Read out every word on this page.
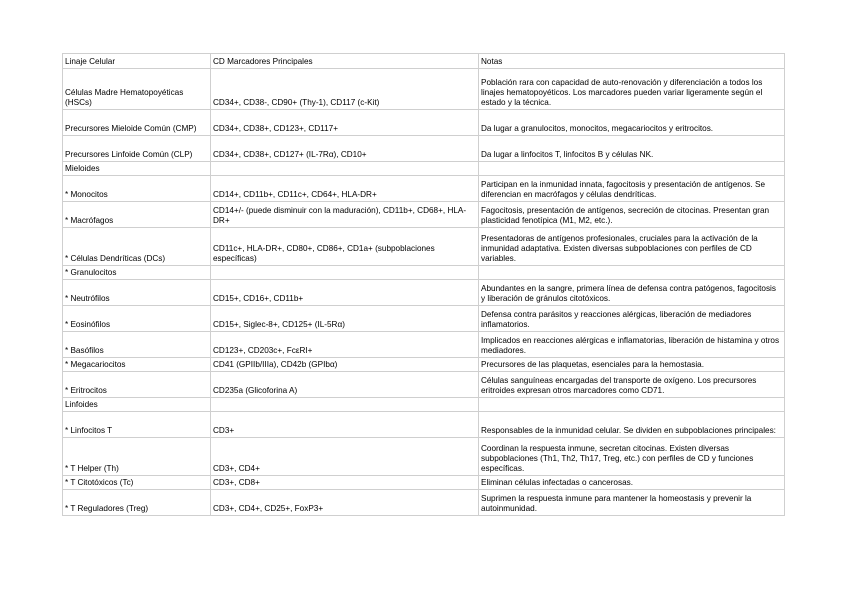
Linaje Celular	CD Marcadores Principales	Notas
Células Madre Hematopoyéticas (HSCs)	CD34+, CD38-, CD90+ (Thy-1), CD117 (c-Kit)	Población rara con capacidad de auto-renovación y diferenciación a todos los linajes hematopoyéticos. Los marcadores pueden variar ligeramente según el estado y la técnica.
Precursores Mieloide Común (CMP)	CD34+, CD38+, CD123+, CD117+	Da lugar a granulocitos, monocitos, megacariocitos y eritrocitos.
Precursores Linfoide Común (CLP)	CD34+, CD38+, CD127+ (IL-7Rα), CD10+	Da lugar a linfocitos T, linfocitos B y células NK.
Mieloides		
* Monocitos	CD14+, CD11b+, CD11c+, CD64+, HLA-DR+	Participan en la inmunidad innata, fagocitosis y presentación de antígenos. Se diferencian en macrófagos y células dendríticas.
* Macrófagos	CD14+/- (puede disminuir con la maduración), CD11b+, CD68+, HLA-DR+	Fagocitosis, presentación de antígenos, secreción de citocinas. Presentan gran plasticidad fenotípica (M1, M2, etc.).
* Células Dendríticas (DCs)	CD11c+, HLA-DR+, CD80+, CD86+, CD1a+ (subpoblaciones específicas)	Presentadoras de antígenos profesionales, cruciales para la activación de la inmunidad adaptativa. Existen diversas subpoblaciones con perfiles de CD variables.
* Granulocitos		
* Neutrófilos	CD15+, CD16+, CD11b+	Abundantes en la sangre, primera línea de defensa contra patógenos, fagocitosis y liberación de gránulos citotóxicos.
* Eosinófilos	CD15+, Siglec-8+, CD125+ (IL-5Rα)	Defensa contra parásitos y reacciones alérgicas, liberación de mediadores inflamatorios.
* Basófilos	CD123+, CD203c+, FcεRI+	Implicados en reacciones alérgicas e inflamatorias, liberación de histamina y otros mediadores.
* Megacariocitos	CD41 (GPIIb/IIIa), CD42b (GPIbα)	Precursores de las plaquetas, esenciales para la hemostasia.
* Eritrocitos	CD235a (Glicoforina A)	Células sanguíneas encargadas del transporte de oxígeno. Los precursores eritroides expresan otros marcadores como CD71.
Linfoides		
* Linfocitos T	CD3+	Responsables de la inmunidad celular. Se dividen en subpoblaciones principales:
* T Helper (Th)	CD3+, CD4+	Coordinan la respuesta inmune, secretan citocinas. Existen diversas subpoblaciones (Th1, Th2, Th17, Treg, etc.) con perfiles de CD y funciones específicas.
* T Citotóxicos (Tc)	CD3+, CD8+	Eliminan células infectadas o cancerosas.
* T Reguladores (Treg)	CD3+, CD4+, CD25+, FoxP3+	Suprimen la respuesta inmune para mantener la homeostasis y prevenir la autoinmunidad.
